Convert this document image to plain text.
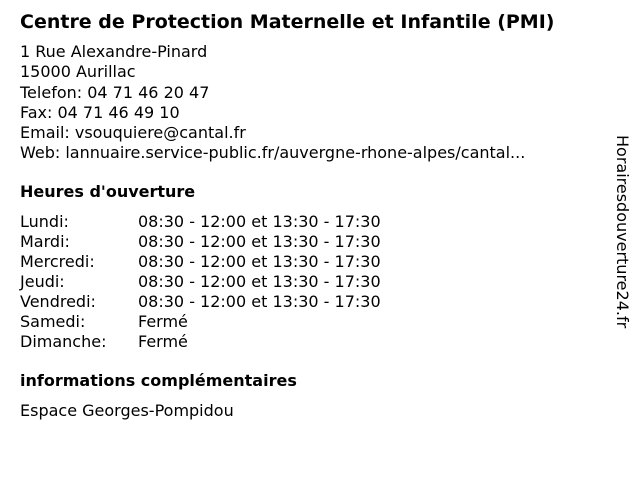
Centre de Protection Maternelle et Infantile (PMI)
1 Rue Alexandre-Pinard
15000 Aurillac
Telefon: 04 71 46 20 47
Fax: 04 71 46 49 10
Email: vsouquiere@cantal.fr
Web: lannuaire.service-public.fr/auvergne-rhone-alpes/cantal...
Heures d'ouverture
Lundi:	08:30 - 12:00 et 13:30 - 17:30
Mardi:	08:30 - 12:00 et 13:30 - 17:30
Mercredi:	08:30 - 12:00 et 13:30 - 17:30
Jeudi:	08:30 - 12:00 et 13:30 - 17:30
Vendredi:	08:30 - 12:00 et 13:30 - 17:30
Samedi:	Fermé
Dimanche:	Fermé
informations complémentaires
Espace Georges-Pompidou
Horairesdouverture24.fr
